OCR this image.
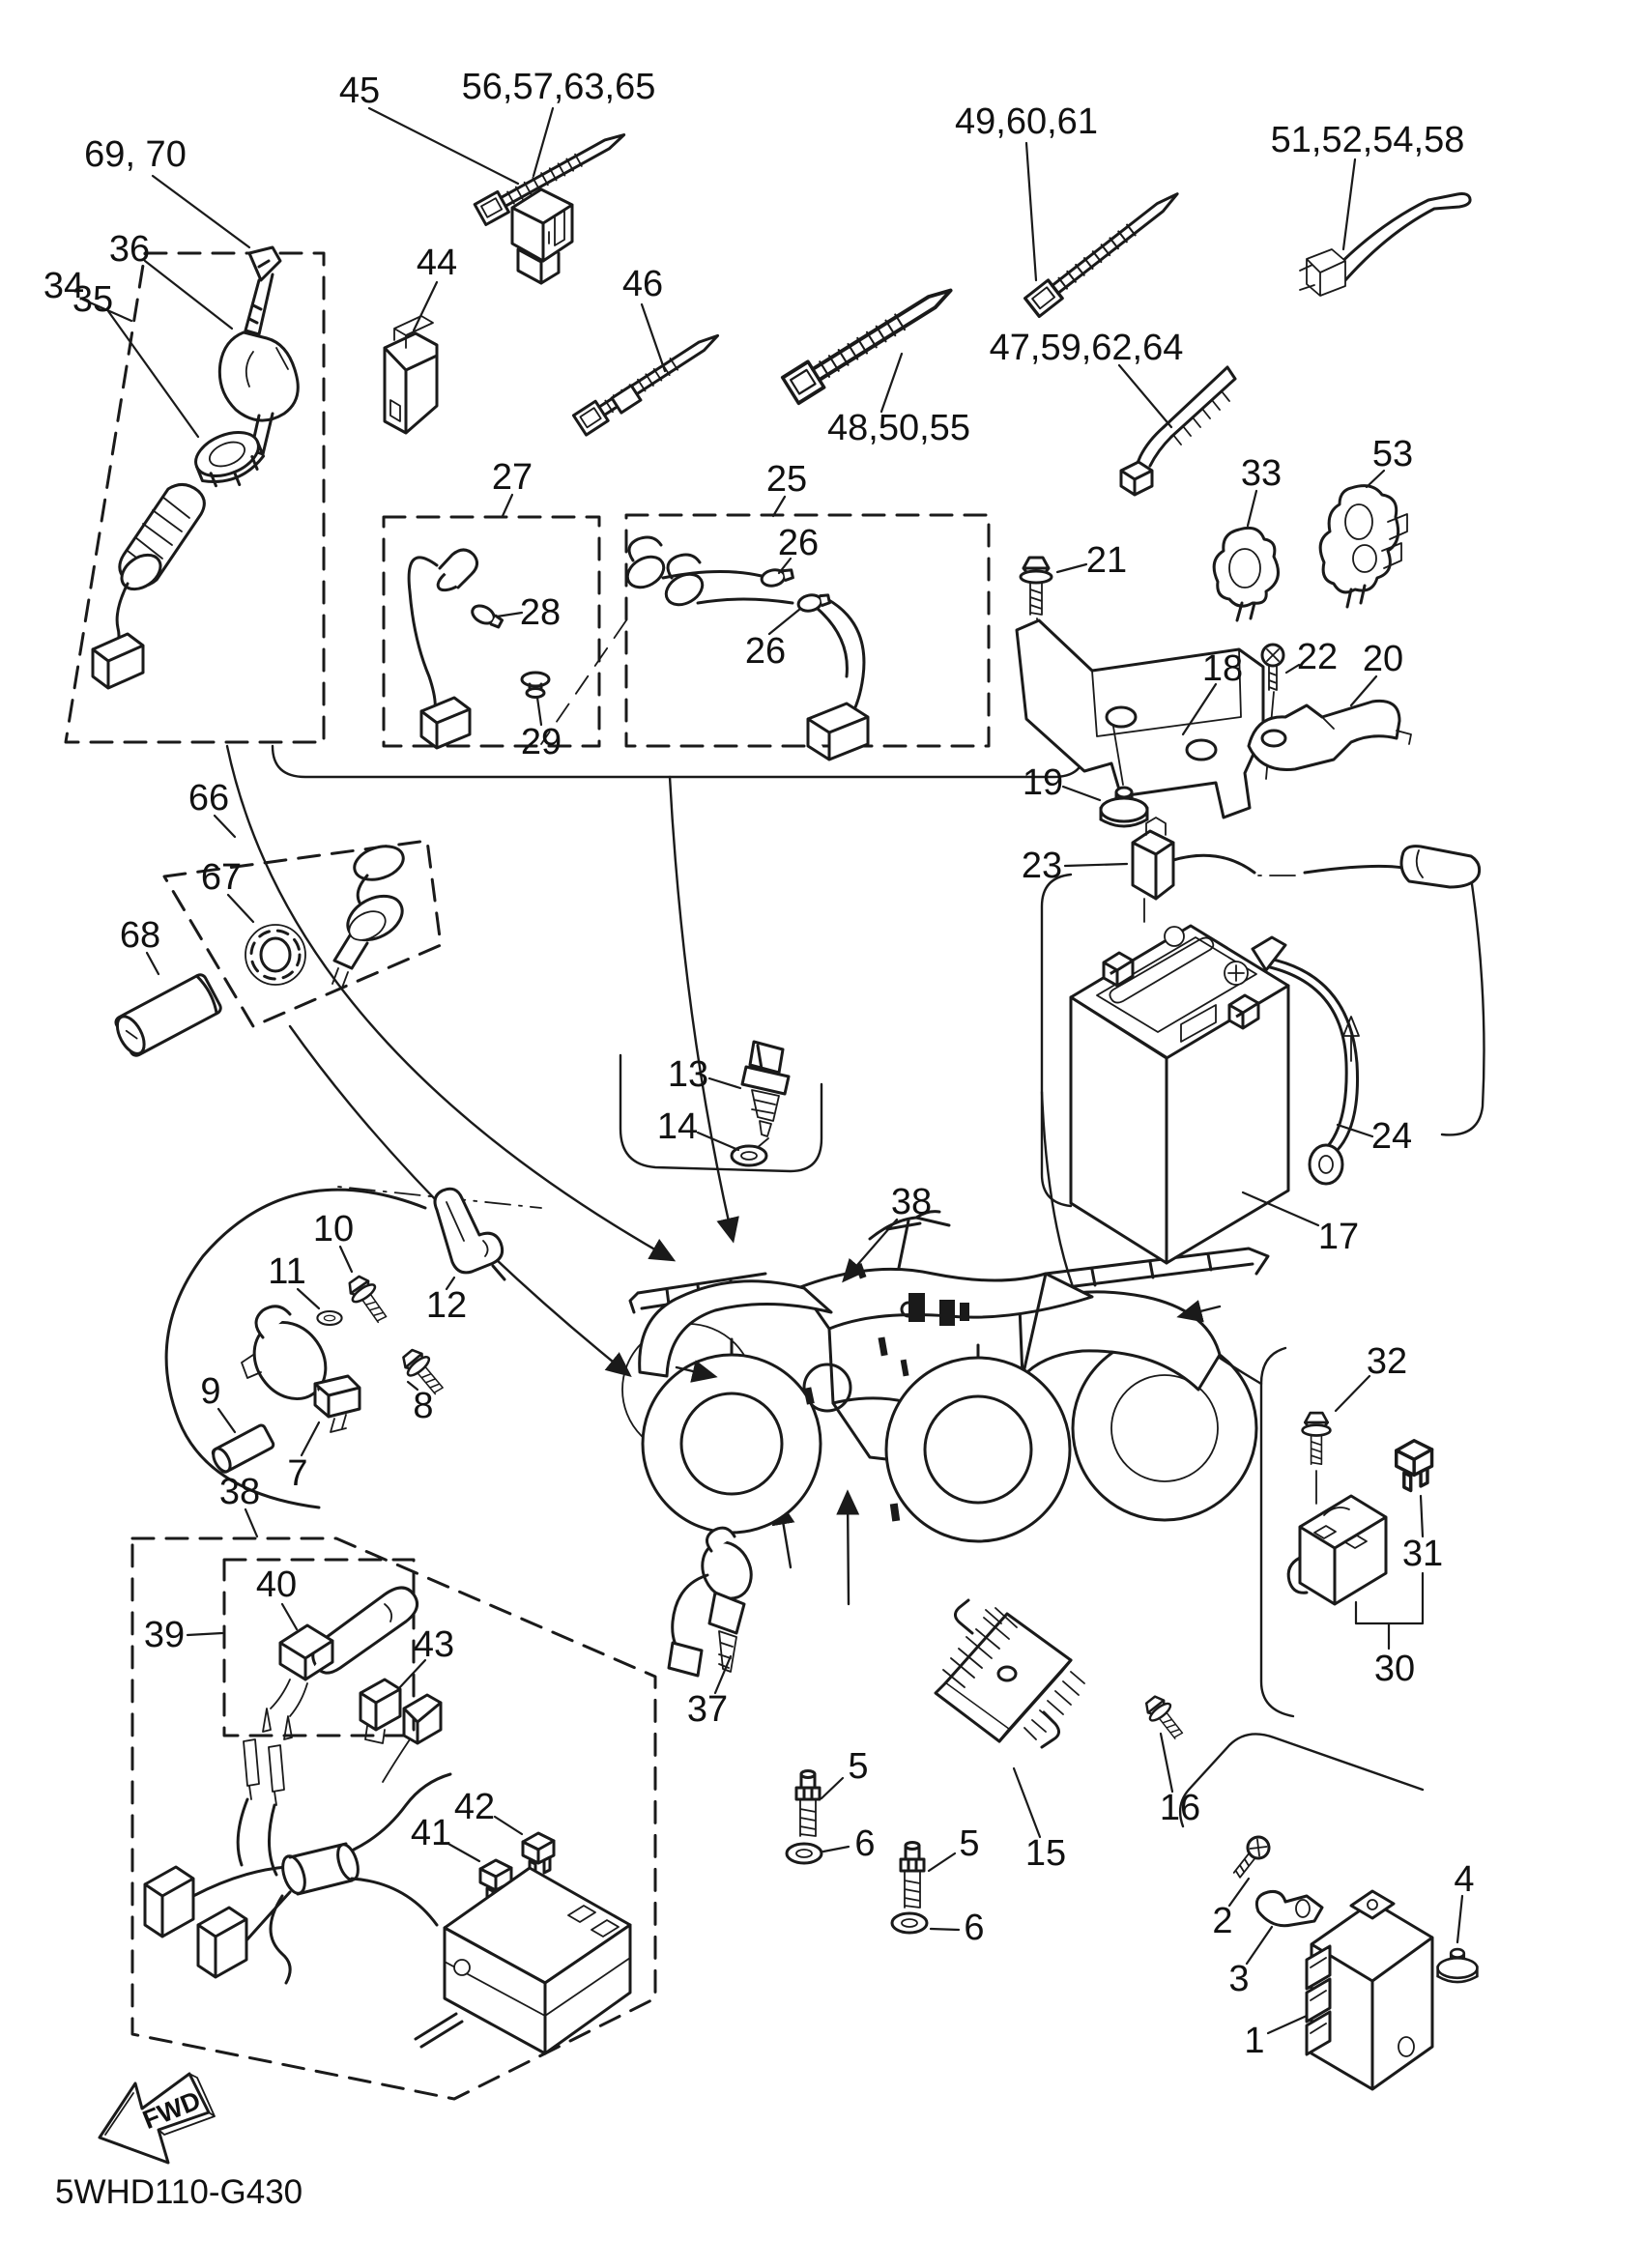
69, 70
45 56,57,63,65
49,60,61	51,52,54,58
44
46
47,59,62,64
48,50,55
34
36
35
27
28
29
25
26
26
33 53
21
18 22 20
19
23
17
24
66
67
68
13
14
38
10
11
12
9
7
8
38
39
40
43
41
42
37
5
6 5
6
15
16
32
31
30
1
2
3
4
FWD
5WHD110-G430
